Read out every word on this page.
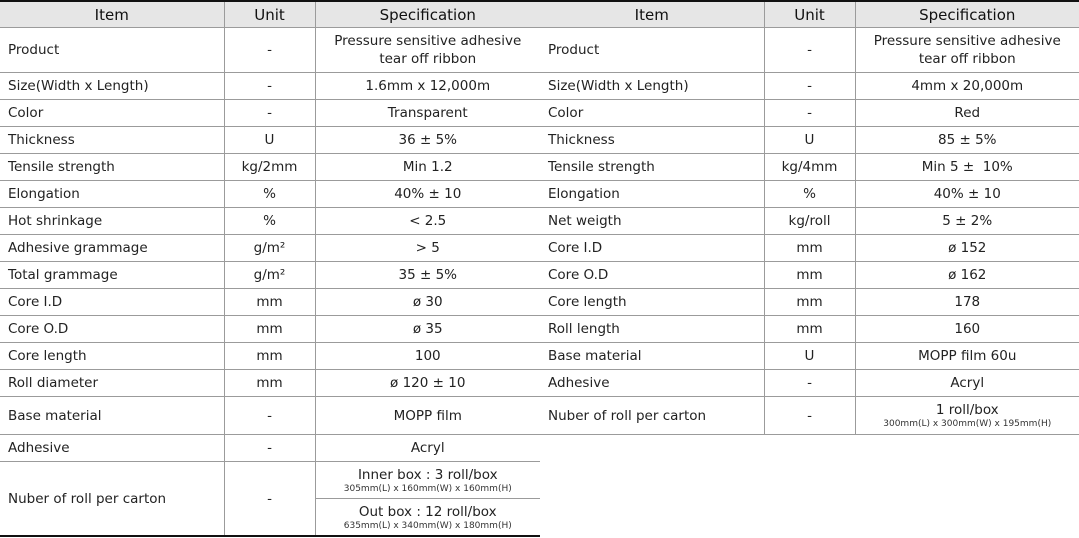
Item	Unit	Specification
Product	-	Pressure sensitive adhesive
tear off ribbon

Size(Width x Length)	-	1.6mm x 12,000m
Color	-	Transparent
Thickness	U	36 ± 5%
Tensile strength	kg/2mm	Min 1.2
Elongation	%	40% ± 10
Hot shrinkage	%	< 2.5
Adhesive grammage	g/m²	> 5
Total grammage	g/m²	35 ± 5%
Core I.D	mm	ø 30
Core O.D	mm	ø 35
Core length	mm	100
Roll diameter	mm	ø 120 ± 10
Base material	-	MOPP film
Adhesive	-	Acryl
Nuber of roll per carton	-	Inner box : 3 roll/box
305mm(L) x 160mm(W) x 160mm(H)
Out box : 12 roll/box
635mm(L) x 340mm(W) x 180mm(H)
Item	Unit	Specification
Product	-	Pressure sensitive adhesive
tear off ribbon

Size(Width x Length)	-	4mm x 20,000m
Color	-	Red
Thickness	U	85 ± 5%
Tensile strength	kg/4mm	Min 5 ±  10%
Elongation	%	40% ± 10
Net weigth	kg/roll	5 ± 2%
Core I.D	mm	ø 152
Core O.D	mm	ø 162
Core length	mm	178
Roll length	mm	160
Base material	U	MOPP film 60u
Adhesive	-	Acryl
Nuber of roll per carton	-	1 roll/box
300mm(L) x 300mm(W) x 195mm(H)
